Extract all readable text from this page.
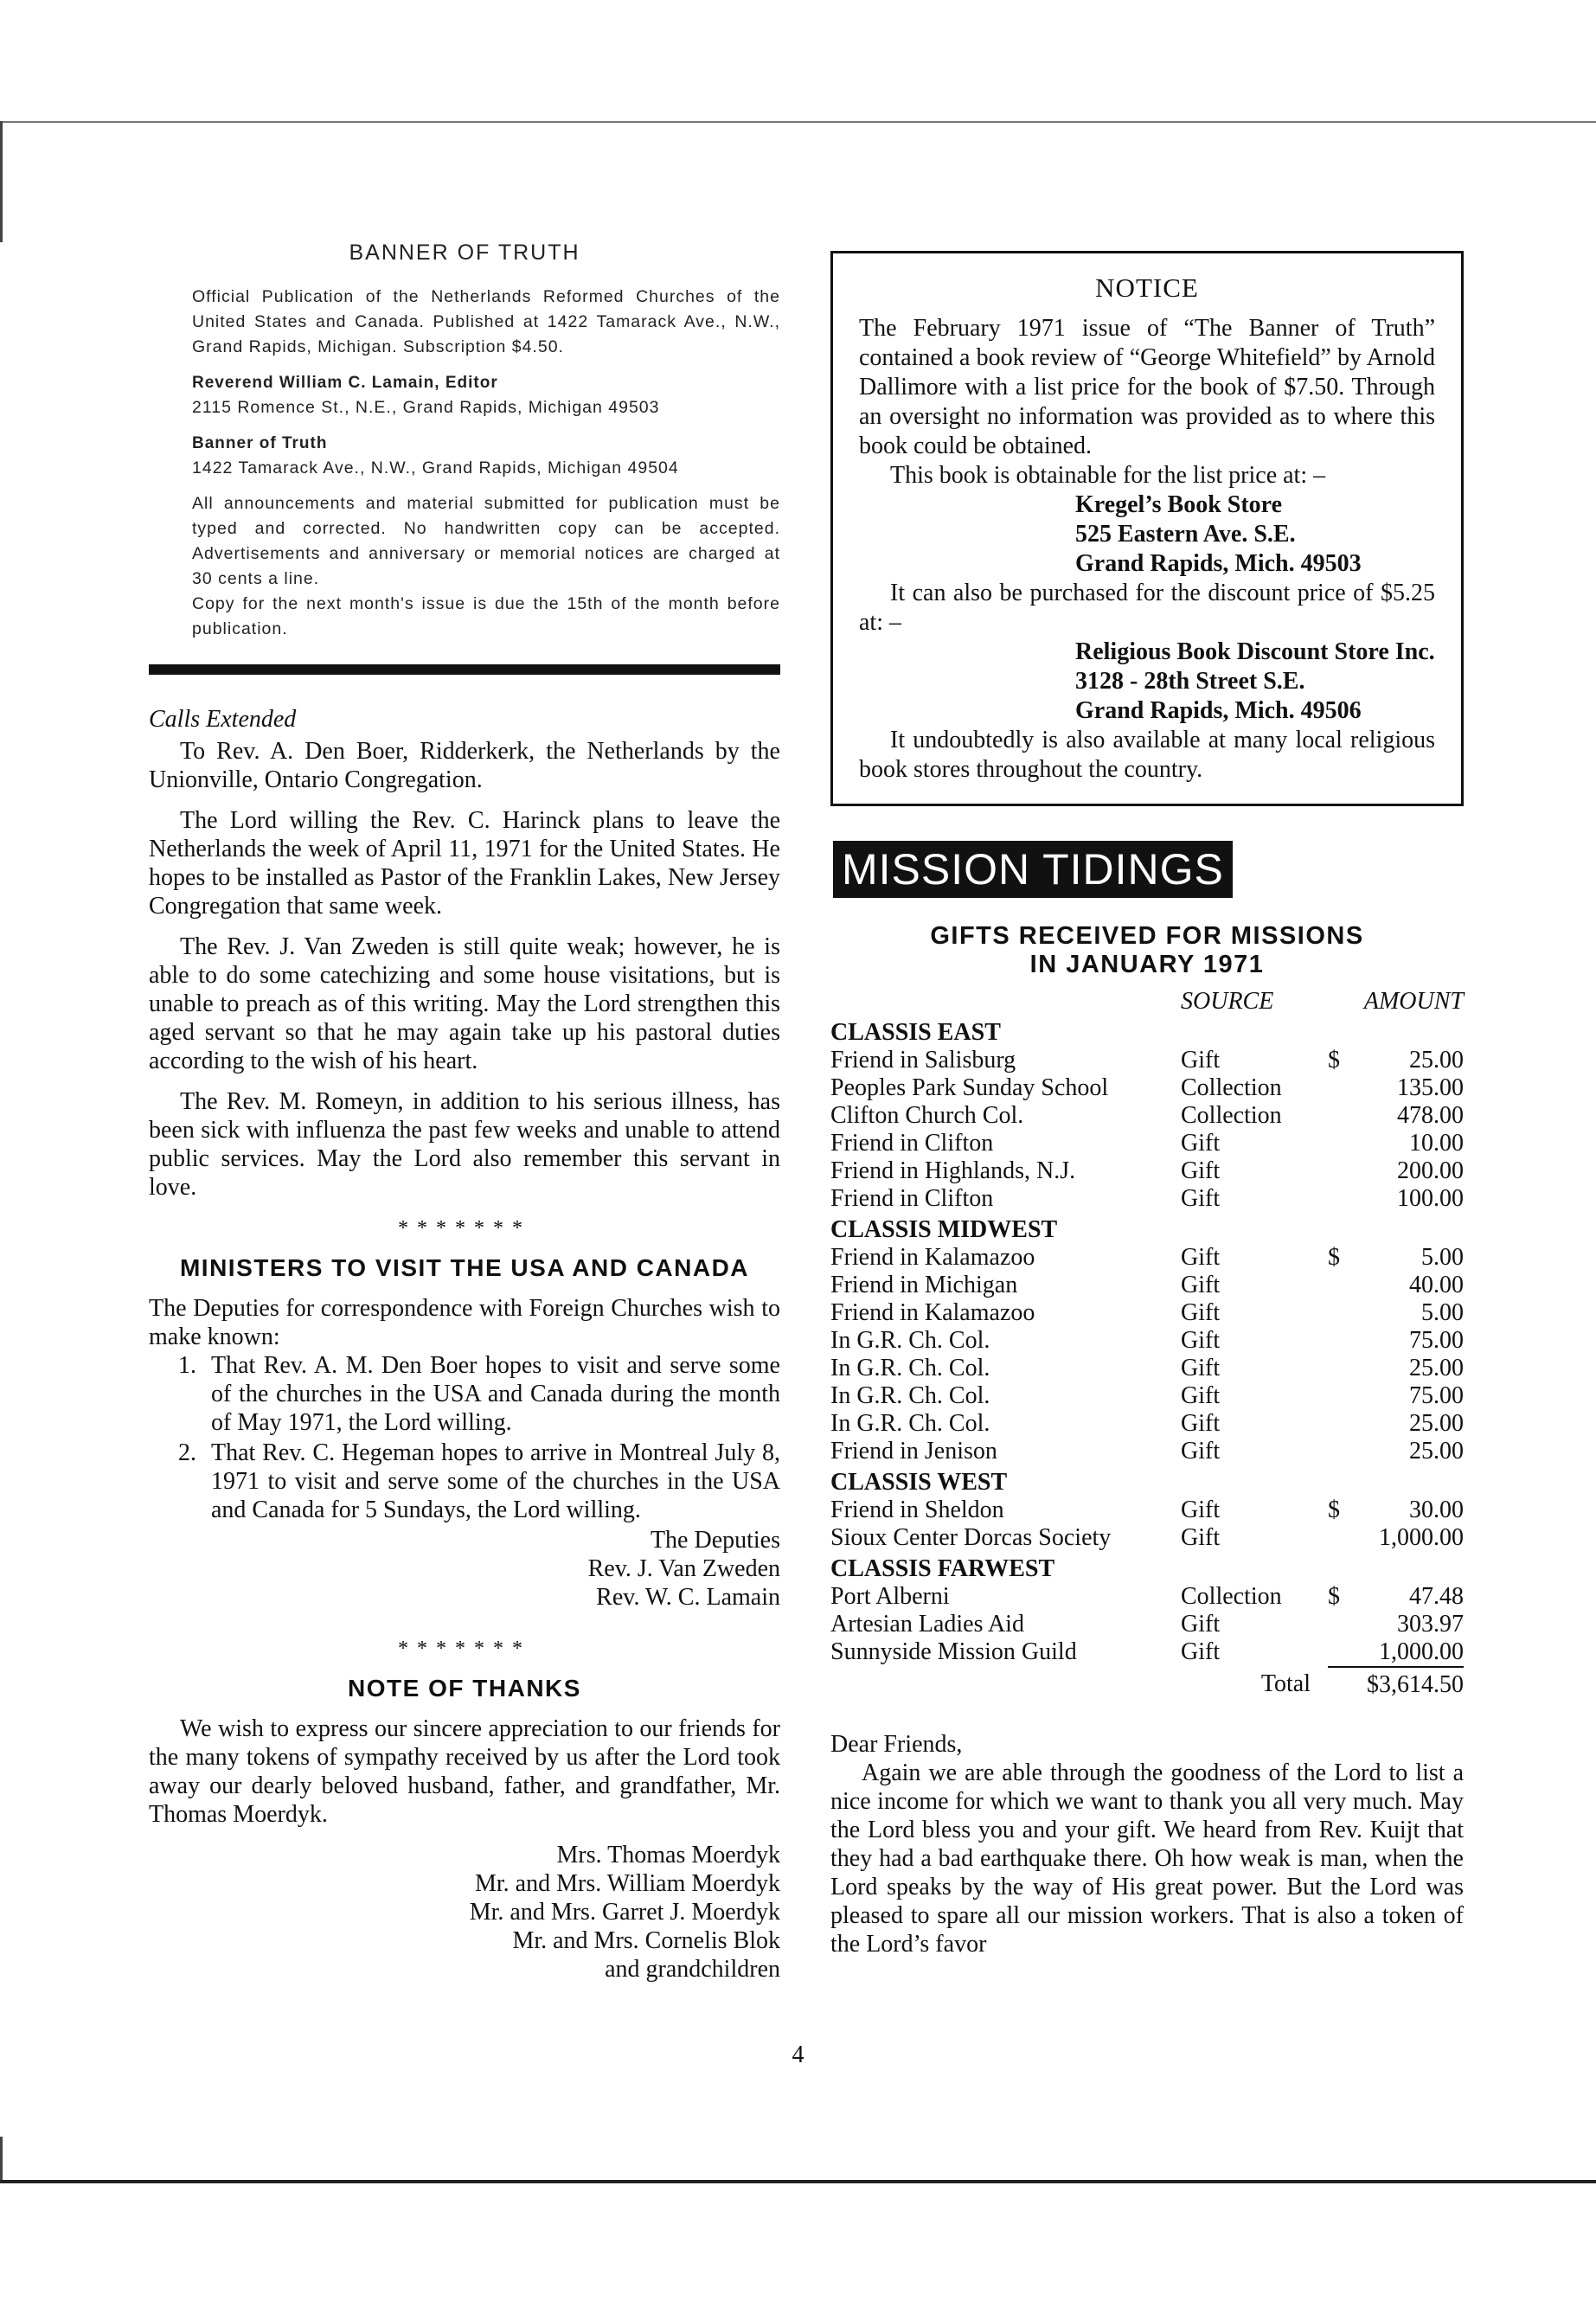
BANNER OF TRUTH

Official Publication of the Netherlands Reformed Churches of the United States and Canada. Published at 1422 Tamarack Ave., N.W., Grand Rapids, Michigan. Subscription $4.50.

Reverend William C. Lamain, Editor
2115 Romence St., N.E., Grand Rapids, Michigan 49503
Banner of Truth
1422 Tamarack Ave., N.W., Grand Rapids, Michigan 49504

All announcements and material submitted for publication must be typed and corrected. No handwritten copy can be accepted. Advertisements and anniversary or memorial notices are charged at 30 cents a line.

Copy for the next month's issue is due the 15th of the month before publication.

Calls Extended

To Rev. A. Den Boer, Ridderkerk, the Netherlands by the Unionville, Ontario Congregation.

The Lord willing the Rev. C. Harinck plans to leave the Netherlands the week of April 11, 1971 for the United States. He hopes to be installed as Pastor of the Franklin Lakes, New Jersey Congregation that same week.

The Rev. J. Van Zweden is still quite weak; however, he is able to do some catechizing and some house visitations, but is unable to preach as of this writing. May the Lord strengthen this aged servant so that he may again take up his pastoral duties according to the wish of his heart.

The Rev. M. Romeyn, in addition to his serious illness, has been sick with influenza the past few weeks and unable to attend public services. May the Lord also remember this servant in love.

*******
MINISTERS TO VISIT THE USA AND CANADA

The Deputies for correspondence with Foreign Churches wish to make known:

1. That Rev. A. M. Den Boer hopes to visit and serve some of the churches in the USA and Canada during the month of May 1971, the Lord willing.
2. That Rev. C. Hegeman hopes to arrive in Montreal July 8, 1971 to visit and serve some of the churches in the USA and Canada for 5 Sundays, the Lord willing.

The Deputies

Rev. J. Van Zweden

Rev. W. C. Lamain

*******
NOTE OF THANKS

We wish to express our sincere appreciation to our friends for the many tokens of sympathy received by us after the Lord took away our dearly beloved husband, father, and grandfather, Mr. Thomas Moerdyk.

Mrs. Thomas Moerdyk

Mr. and Mrs. William Moerdyk

Mr. and Mrs. Garret J. Moerdyk

Mr. and Mrs. Cornelis Blok

and grandchildren

NOTICE

The February 1971 issue of “The Banner of Truth” contained a book review of “George Whitefield” by Arnold Dallimore with a list price for the book of $7.50. Through an oversight no information was provided as to where this book could be obtained.

This book is obtainable for the list price at: –

Kregel’s Book Store
525 Eastern Ave. S.E.
Grand Rapids, Mich. 49503

It can also be purchased for the discount price of $5.25 at: –

Religious Book Discount Store Inc.
3128 - 28th Street S.E.
Grand Rapids, Mich. 49506

It undoubtedly is also available at many local religious book stores throughout the country.

MISSION TIDINGS
GIFTS RECEIVED FOR MISSIONS
IN JANUARY 1971
	SOURCE	AMOUNT
CLASSIS EAST		
Friend in Salisburg	Gift	$ 25.00

Peoples Park Sunday School	Collection	135.00

Clifton Church Col.	Collection	478.00

Friend in Clifton	Gift	10.00

Friend in Highlands, N.J.	Gift	200.00

Friend in Clifton	Gift	100.00

CLASSIS MIDWEST		
Friend in Kalamazoo	Gift	$ 5.00

Friend in Michigan	Gift	40.00

Friend in Kalamazoo	Gift	5.00

In G.R. Ch. Col.	Gift	75.00

In G.R. Ch. Col.	Gift	25.00

In G.R. Ch. Col.	Gift	75.00

In G.R. Ch. Col.	Gift	25.00

Friend in Jenison	Gift	25.00

CLASSIS WEST		
Friend in Sheldon	Gift	$ 30.00

Sioux Center Dorcas Society	Gift	1,000.00

CLASSIS FARWEST		
Port Alberni	Collection	$ 47.48

Artesian Ladies Aid	Gift	303.97

Sunnyside Mission Guild	Gift	1,000.00

	Total	$3,614.50

Dear Friends,

Again we are able through the goodness of the Lord to list a nice income for which we want to thank you all very much. May the Lord bless you and your gift. We heard from Rev. Kuijt that they had a bad earthquake there. Oh how weak is man, when the Lord speaks by the way of His great power. But the Lord was pleased to spare all our mission workers. That is also a token of the Lord’s favor

4
